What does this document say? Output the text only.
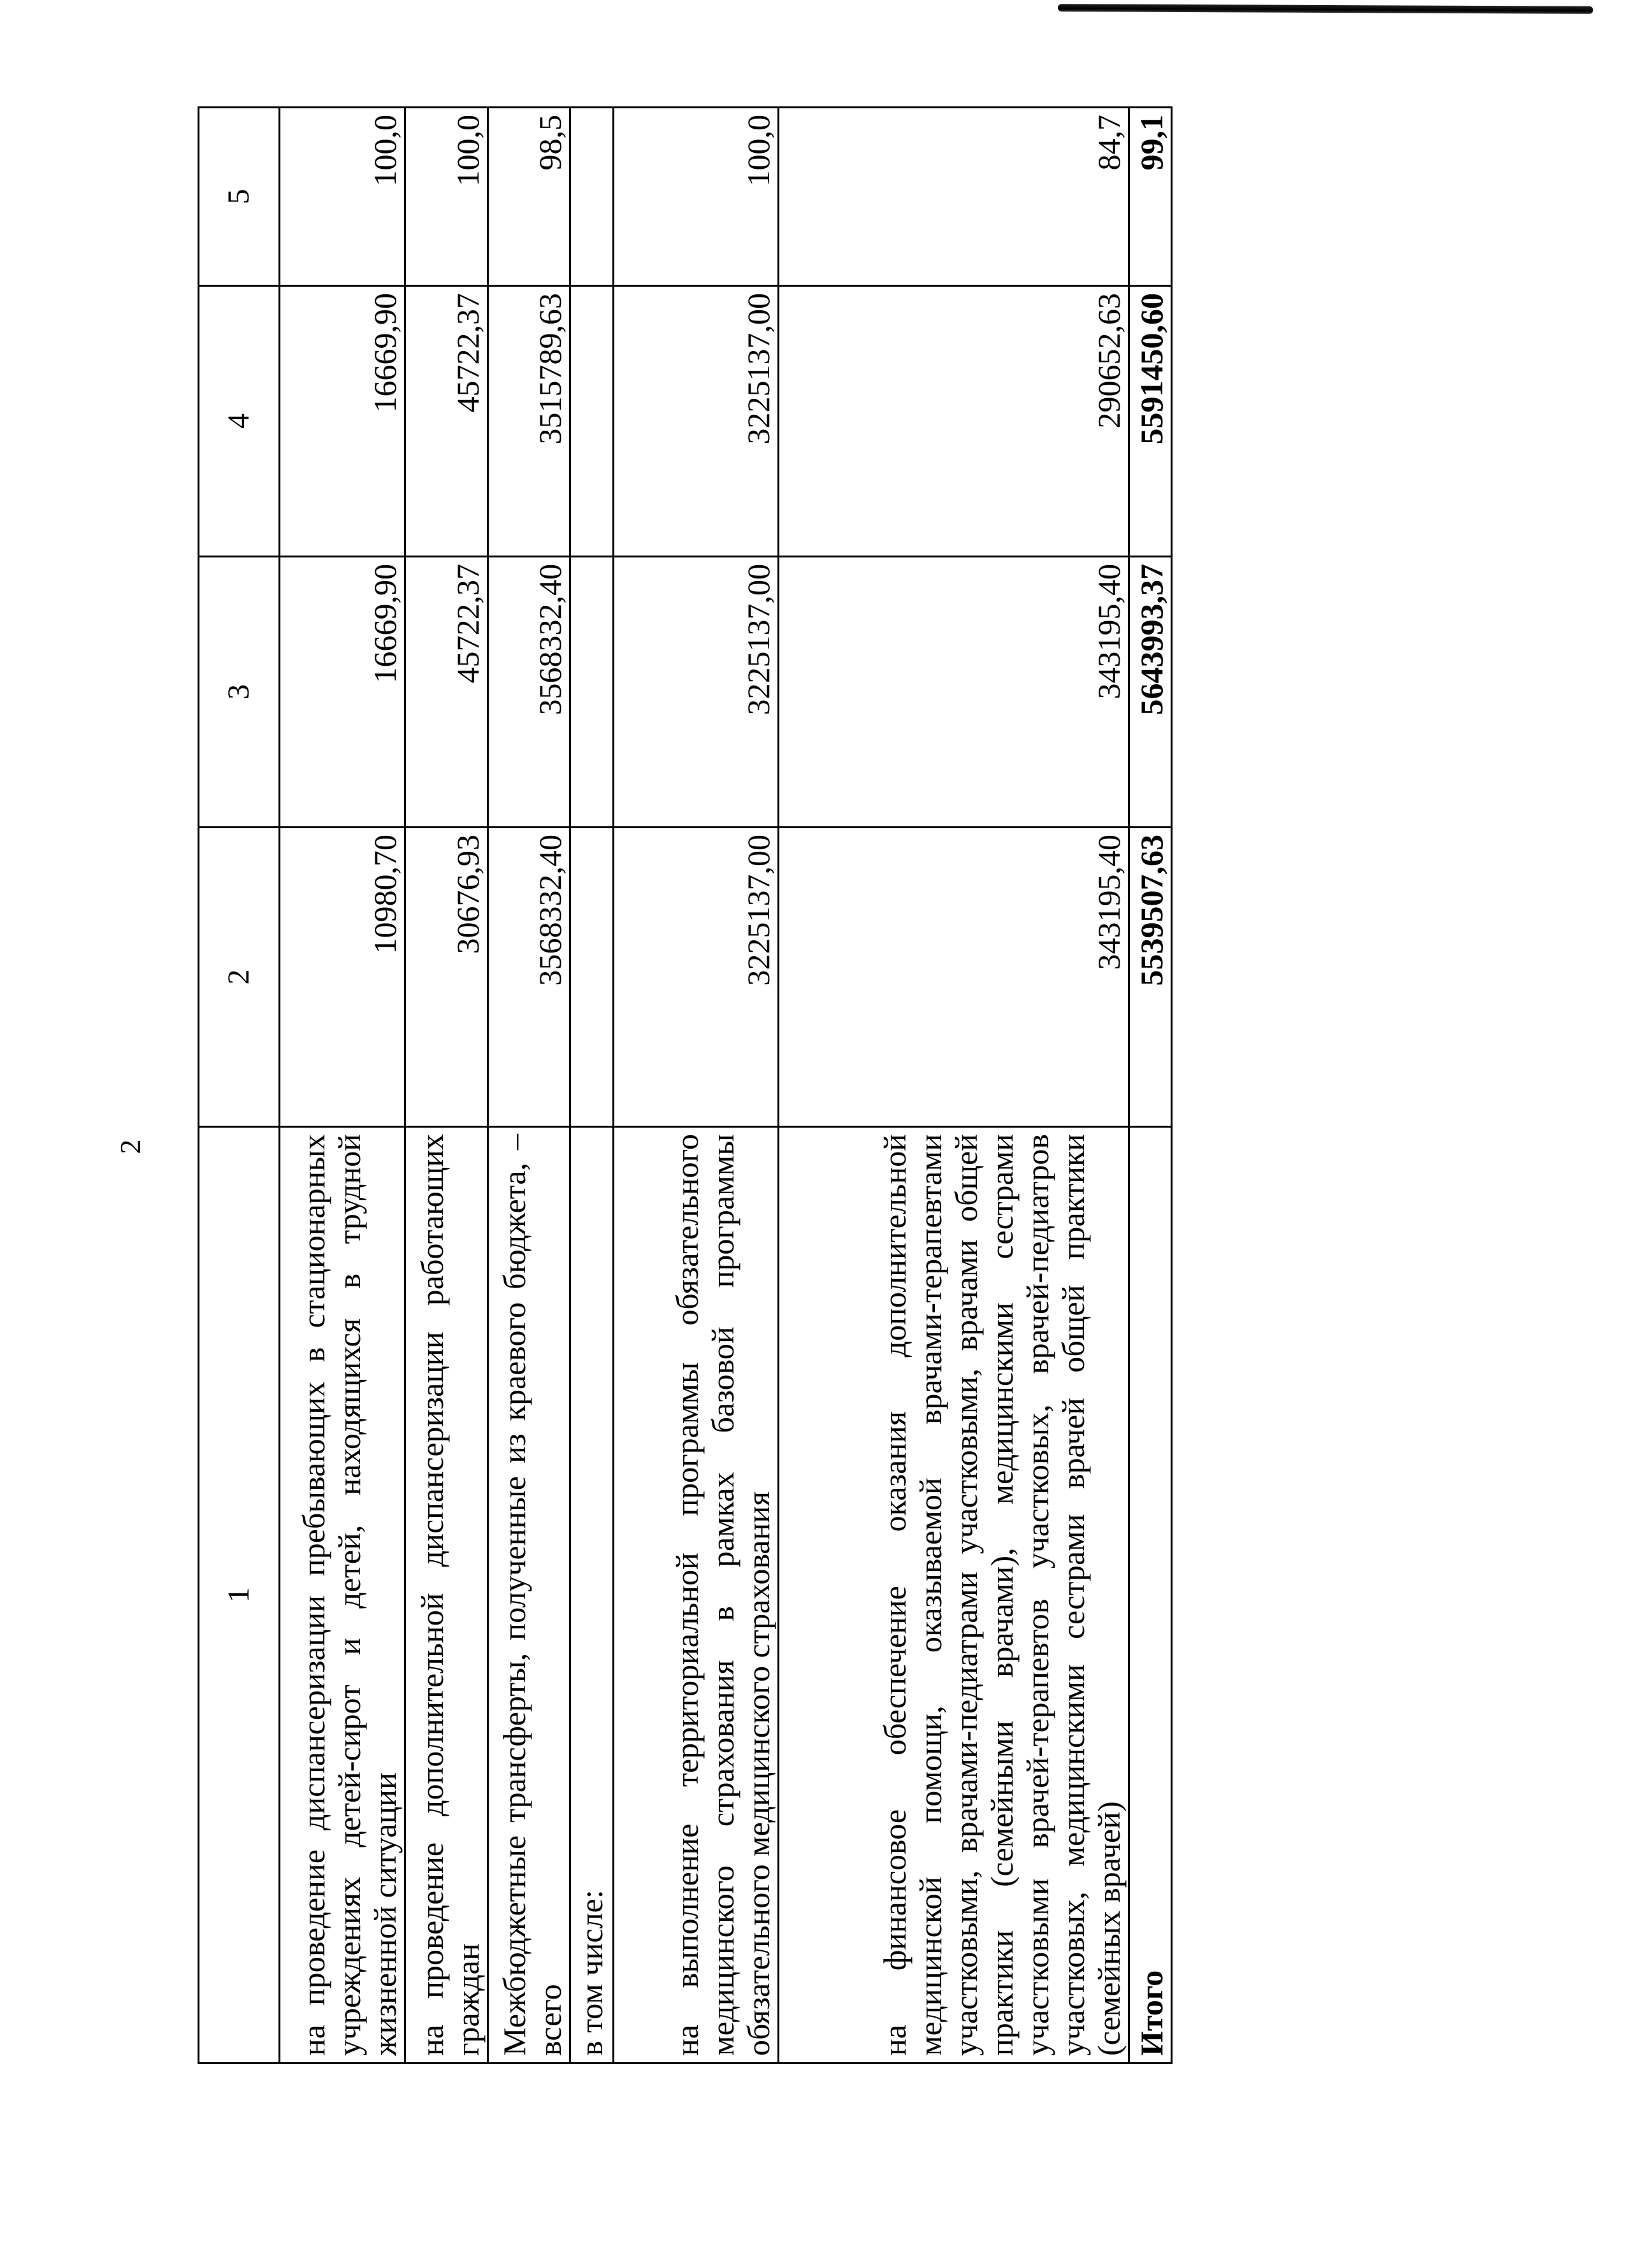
2
1	2	3	4	5
на проведение диспансеризации пребывающих в стационарных учреждениях детей-сирот и детей, находящихся в трудной жизненной ситуации	10980,70	16669,90	16669,90	100,0
на проведение дополнительной диспансеризации работающих граждан	30676,93	45722,37	45722,37	100,0
Межбюджетные трансферты, полученные из краевого бюджета, – всего	3568332,40	3568332,40	3515789,63	98,5
в том числе:				
на выполнение территориальной программы обязательного медицинского страхования в рамках базовой программы обязательного медицинского страхования	3225137,00	3225137,00	3225137,00	100,0
на финансовое обеспечение оказания дополнительной медицинской помощи, оказываемой врачами-терапевтами участковыми, врачами-педиатрами участковыми, врачами общей практики (семейными врачами), медицинскими сестрами участковыми врачей-терапевтов участковых, врачей-педиатров участковых, медицинскими сестрами врачей общей практики (семейных врачей)	343195,40	343195,40	290652,63	84,7
Итого	5539507,63	5643993,37	5591450,60	99,1
